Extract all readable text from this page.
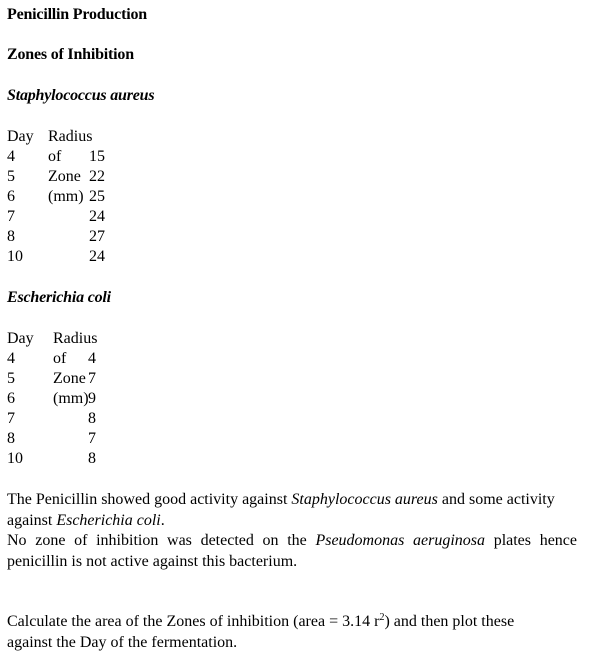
Penicillin Production
Zones of Inhibition
Staphylococcus aureus
Day Radius of Zone (mm)
4	15
5	22
6	25
7	24
8	27
10	24
Escherichia coli
Day Radius of Zone (mm)
4	4
5	7
6	9
7	8
8	7
10	8
The Penicillin showed good activity against Staphylococcus aureus and some activity
against Escherichia coli.
No zone of inhibition was detected on the Pseudomonas aeruginosa plates hence
penicillin is not active against this bacterium.
Calculate the area of the Zones of inhibition (area = 3.14 $r^2$) and then plot these
against the Day of the fermentation.
